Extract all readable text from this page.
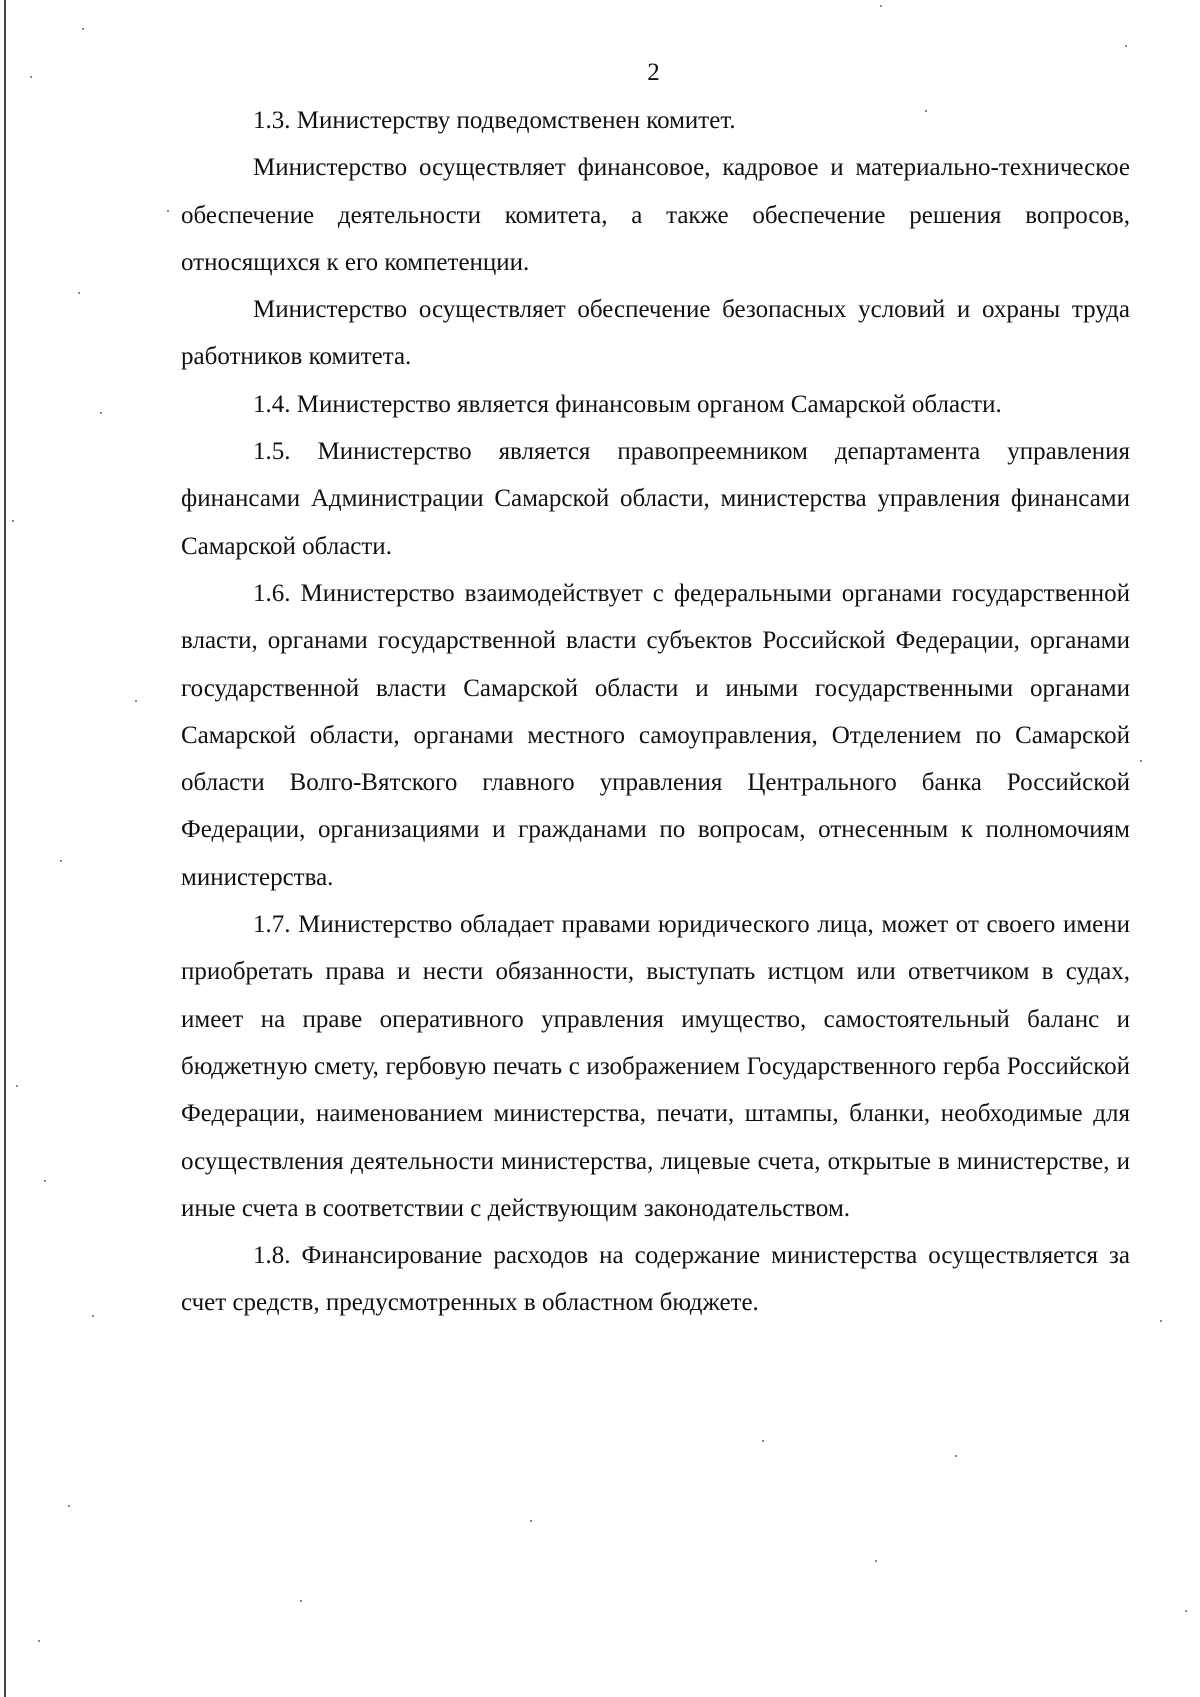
2

1.3. Министерству подведомственен комитет.

Министерство осуществляет финансовое, кадровое и материально-техническое обеспечение деятельности комитета, а также обеспечение решения вопросов, относящихся к его компетенции.

Министерство осуществляет обеспечение безопасных условий и охраны труда работников комитета.

1.4. Министерство является финансовым органом Самарской области.

1.5. Министерство является правопреемником департамента управления финансами Администрации Самарской области, министерства управления финансами Самарской области.

1.6. Министерство взаимодействует с федеральными органами государственной власти, органами государственной власти субъектов Российской Федерации, органами государственной власти Самарской области и иными государственными органами Самарской области, органами местного самоуправления, Отделением по Самарской области Волго-Вятского главного управления Центрального банка Российской Федерации, организациями и гражданами по вопросам, отнесенным к полномочиям министерства.

1.7. Министерство обладает правами юридического лица, может от своего имени приобретать права и нести обязанности, выступать истцом или ответчиком в судах, имеет на праве оперативного управления имущество, самостоятельный баланс и бюджетную смету, гербовую печать с изображением Государственного герба Российской Федерации, наименованием министерства, печати, штампы, бланки, необходимые для осуществления деятельности министерства, лицевые счета, открытые в министерстве, и иные счета в соответствии с действующим законодательством.

1.8. Финансирование расходов на содержание министерства осуществляется за счет средств, предусмотренных в областном бюджете.
